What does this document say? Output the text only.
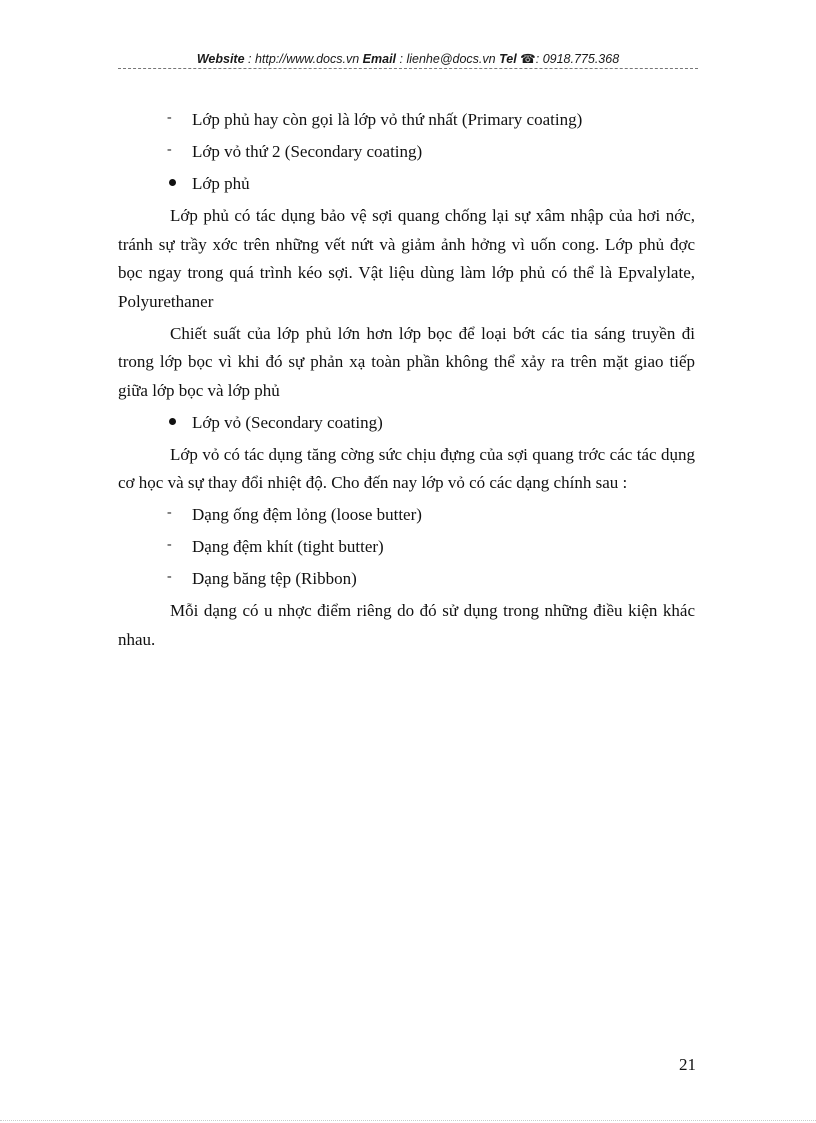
Website : http://www.docs.vn Email : lienhe@docs.vn Tel ☎: 0918.775.368
- Lớp phủ hay còn gọi là lớp vỏ thứ nhất (Primary coating)
- Lớp vỏ thứ 2 (Secondary coating)
Lớp phủ

Lớp phủ có tác dụng bảo vệ sợi quang chống lại sự xâm nhập của hơi nớc, tránh sự trầy xớc trên những vết nứt và giảm ảnh hởng vì uốn cong. Lớp phủ đợc bọc ngay trong quá trình kéo sợi. Vật liệu dùng làm lớp phủ có thể là Epvalylate, Polyurethaner

Chiết suất của lớp phủ lớn hơn lớp bọc để loại bớt các tia sáng truyền đi trong lớp bọc vì khi đó sự phản xạ toàn phần không thể xảy ra trên mặt giao tiếp giữa lớp bọc và lớp phủ

Lớp vỏ (Secondary coating)

Lớp vỏ có tác dụng tăng cờng sức chịu đựng của sợi quang trớc các tác dụng cơ học và sự thay đổi nhiệt độ. Cho đến nay lớp vỏ có các dạng chính sau :

- Dạng ống đệm lỏng (loose butter)
- Dạng đệm khít (tight butter)
- Dạng băng tệp (Ribbon)

Mỗi dạng có u nhợc điểm riêng do đó sử dụng trong những điều kiện khác nhau.

21
